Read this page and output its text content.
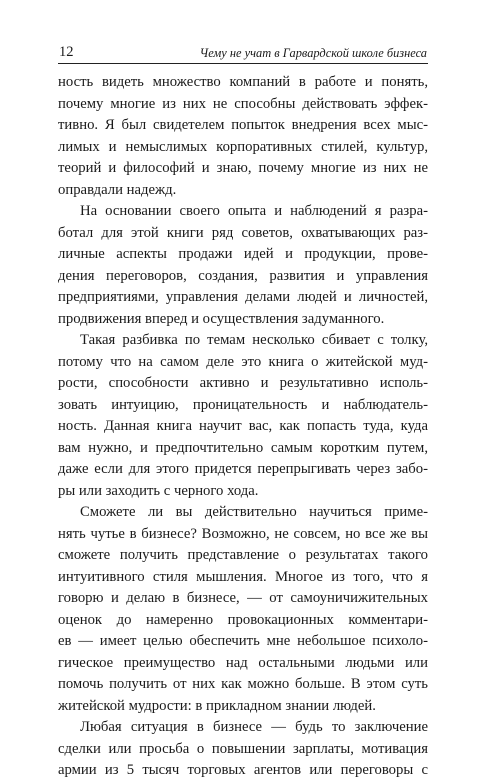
12	Чему не учат в Гарвардской школе бизнеса

ность видеть множество компаний в работе и понять,
почему многие из них не способны действовать эффек-
тивно. Я был свидетелем попыток внедрения всех мыс-
лимых и немыслимых корпоративных стилей, культур,
теорий и философий и знаю, почему многие из них не
оправдали надежд.

На основании своего опыта и наблюдений я разра-
ботал для этой книги ряд советов, охватывающих раз-
личные аспекты продажи идей и продукции, прове-
дения переговоров, создания, развития и управления
предприятиями, управления делами людей и личностей,
продвижения вперед и осуществления задуманного.

Такая разбивка по темам несколько сбивает с толку,
потому что на самом деле это книга о житейской муд-
рости, способности активно и результативно исполь-
зовать интуицию, проницательность и наблюдатель-
ность. Данная книга научит вас, как попасть туда, куда
вам нужно, и предпочтительно самым коротким путем,
даже если для этого придется перепрыгивать через забо-
ры или заходить с черного хода.

Сможете ли вы действительно научиться приме-
нять чутье в бизнесе? Возможно, не совсем, но все же вы
сможете получить представление о результатах такого
интуитивного стиля мышления. Многое из того, что я
говорю и делаю в бизнесе, — от самоуничижительных
оценок до намеренно провокационных комментари-
ев — имеет целью обеспечить мне небольшое психоло-
гическое преимущество над остальными людьми или
помочь получить от них как можно больше. В этом суть
житейской мудрости: в прикладном знании людей.

Любая ситуация в бизнесе — будь то заключение
сделки или просьба о повышении зарплаты, мотивация
армии из 5 тысяч торговых агентов или переговоры с
